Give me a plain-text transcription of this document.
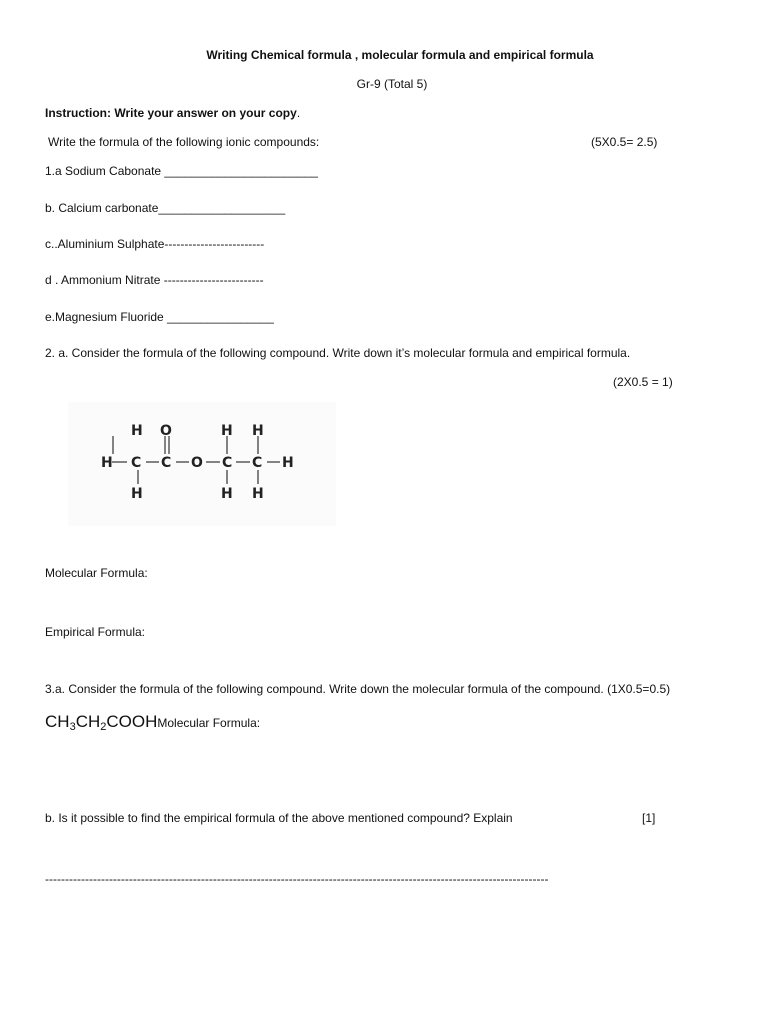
Writing Chemical formula , molecular formula and empirical formula
Gr-9 (Total 5)
Instruction: Write your answer on your copy.
Write the formula of the following ionic compounds:	(5X0.5= 2.5)
1.a Sodium Cabonate _______________________
b. Calcium carbonate___________________
c..Aluminium Sulphate-------------------------
d . Ammonium Nitrate -------------------------
e.Magnesium Fluoride ________________
2. a. Consider the formula of the following compound. Write down it’s molecular formula and empirical formula.
(2X0.5 = 1)
H O	H H
H C C O C C H
H	H H
Molecular Formula:
Empirical Formula:
3.a. Consider the formula of the following compound. Write down the molecular formula of the compound. (1X0.5=0.5)
$CH_3CH_2COOHMolecular$ Formula:
b. Is it possible to find the empirical formula of the above mentioned compound? Explain	[1]
------------------------------------------------------------------------------------------------------------------------------
